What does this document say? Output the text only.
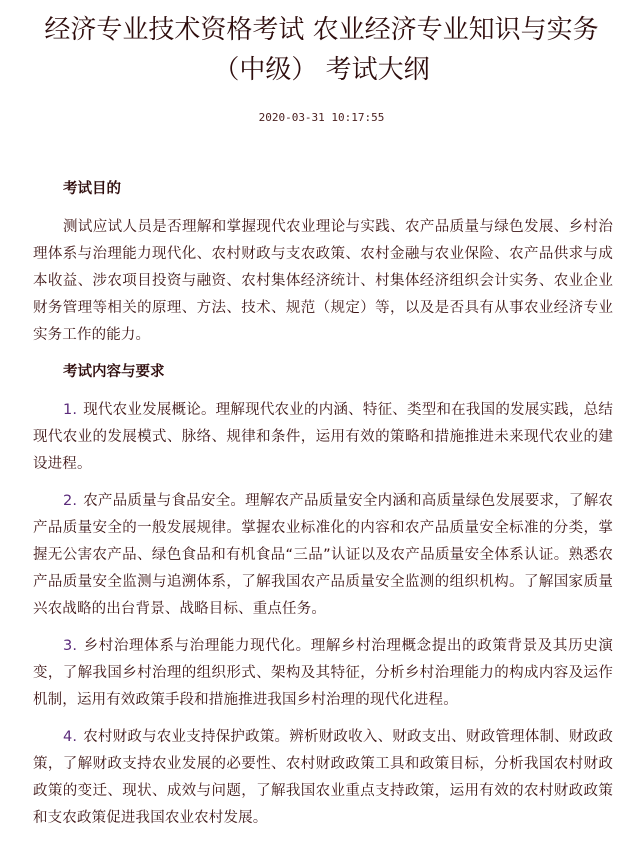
经济专业技术资格考试 农业经济专业知识与实务
（中级） 考试大纲
2020-03-31 10:17:55
考试目的

测试应试人员是否理解和掌握现代农业理论与实践、农产品质量与绿色发展、乡村治理体系与治理能力现代化、农村财政与支农政策、农村金融与农业保险、农产品供求与成本收益、涉农项目投资与融资、农村集体经济统计、村集体经济组织会计实务、农业企业财务管理等相关的原理、方法、技术、规范（规定）等，以及是否具有从事农业经济专业实务工作的能力。

考试内容与要求

1. 现代农业发展概论。理解现代农业的内涵、特征、类型和在我国的发展实践，总结现代农业的发展模式、脉络、规律和条件，运用有效的策略和措施推进未来现代农业的建设进程。

2. 农产品质量与食品安全。理解农产品质量安全内涵和高质量绿色发展要求，了解农产品质量安全的一般发展规律。掌握农业标准化的内容和农产品质量安全标准的分类，掌握无公害农产品、绿色食品和有机食品“三品”认证以及农产品质量安全体系认证。熟悉农产品质量安全监测与追溯体系，了解我国农产品质量安全监测的组织机构。了解国家质量兴农战略的出台背景、战略目标、重点任务。

3. 乡村治理体系与治理能力现代化。理解乡村治理概念提出的政策背景及其历史演变，了解我国乡村治理的组织形式、架构及其特征，分析乡村治理能力的构成内容及运作机制，运用有效政策手段和措施推进我国乡村治理的现代化进程。

4. 农村财政与农业支持保护政策。辨析财政收入、财政支出、财政管理体制、财政政策，了解财政支持农业发展的必要性、农村财政政策工具和政策目标，分析我国农村财政政策的变迁、现状、成效与问题，了解我国农业重点支持政策，运用有效的农村财政政策和支农政策促进我国农业农村发展。
